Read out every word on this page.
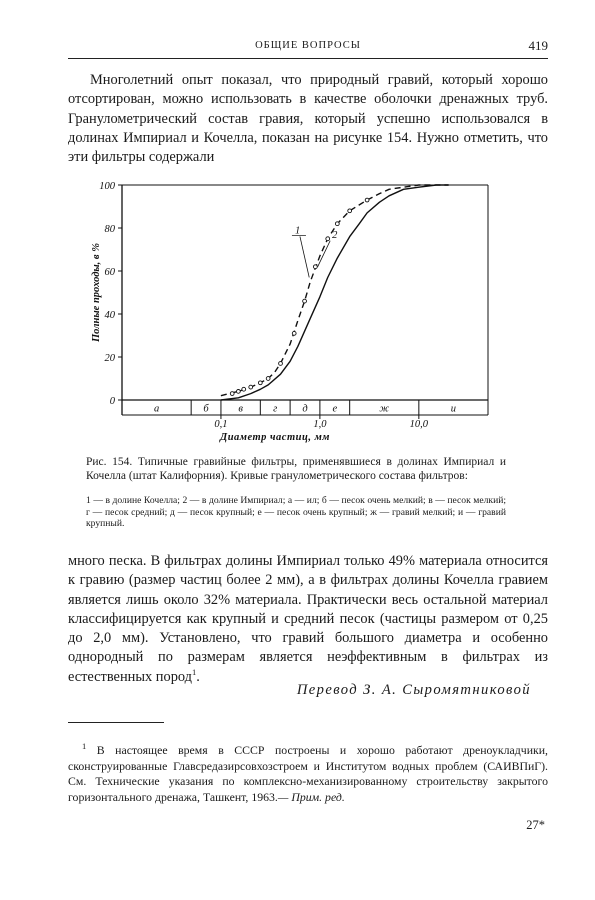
ОБЩИЕ ВОПРОСЫ	419

Многолетний опыт показал, что природный гравий, который хорошо отсортирован, можно использовать в качестве оболочки дренажных труб. Гранулометрический состав гравия, который успешно использовался в долинах Импириал и Кочелла, показан на рисунке 154. Нужно отметить, что эти фильтры содержали

0
20
40
60
80
100
а	б	в	г д е	ж	и
0,1	1,0	10,0
Диаметр частиц, мм
Полные проходы, в %
1	2
Рис. 154. Типичные гравийные фильтры, применявшиеся в долинах Импириал и Кочелла (штат Калифорния). Кривые гранулометрического состава фильтров:
1 — в долине Кочелла; 2 — в долине Импириал; а — ил; б — песок очень мелкий; в — песок мелкий; г — песок средний; д — песок крупный; е — песок очень крупный; ж — гравий мелкий; и — гравий крупный.

много песка. В фильтрах долины Импириал только 49% материала относится к гравию (размер частиц более 2 мм), а в фильтрах долины Кочелла гравием является лишь около 32% материала. Практически весь остальной материал классифицируется как крупный и средний песок (частицы размером от 0,25 до 2,0 мм). Установлено, что гравий большого диаметра и особенно однородный по размерам является неэффективным в фильтрах из естественных пород$^1$.

Перевод З. А. Сыромятниковой

$^1$ В настоящее время в СССР построены и хорошо работают дреноукладчики, сконструированные Главсредазирсовхозстроем и Институтом водных проблем (САИВПиГ). См. Технические указания по комплексно-механизированному строительству закрытого горизонтального дренажа, Ташкент, 1963.— Прим. ред.

27*
